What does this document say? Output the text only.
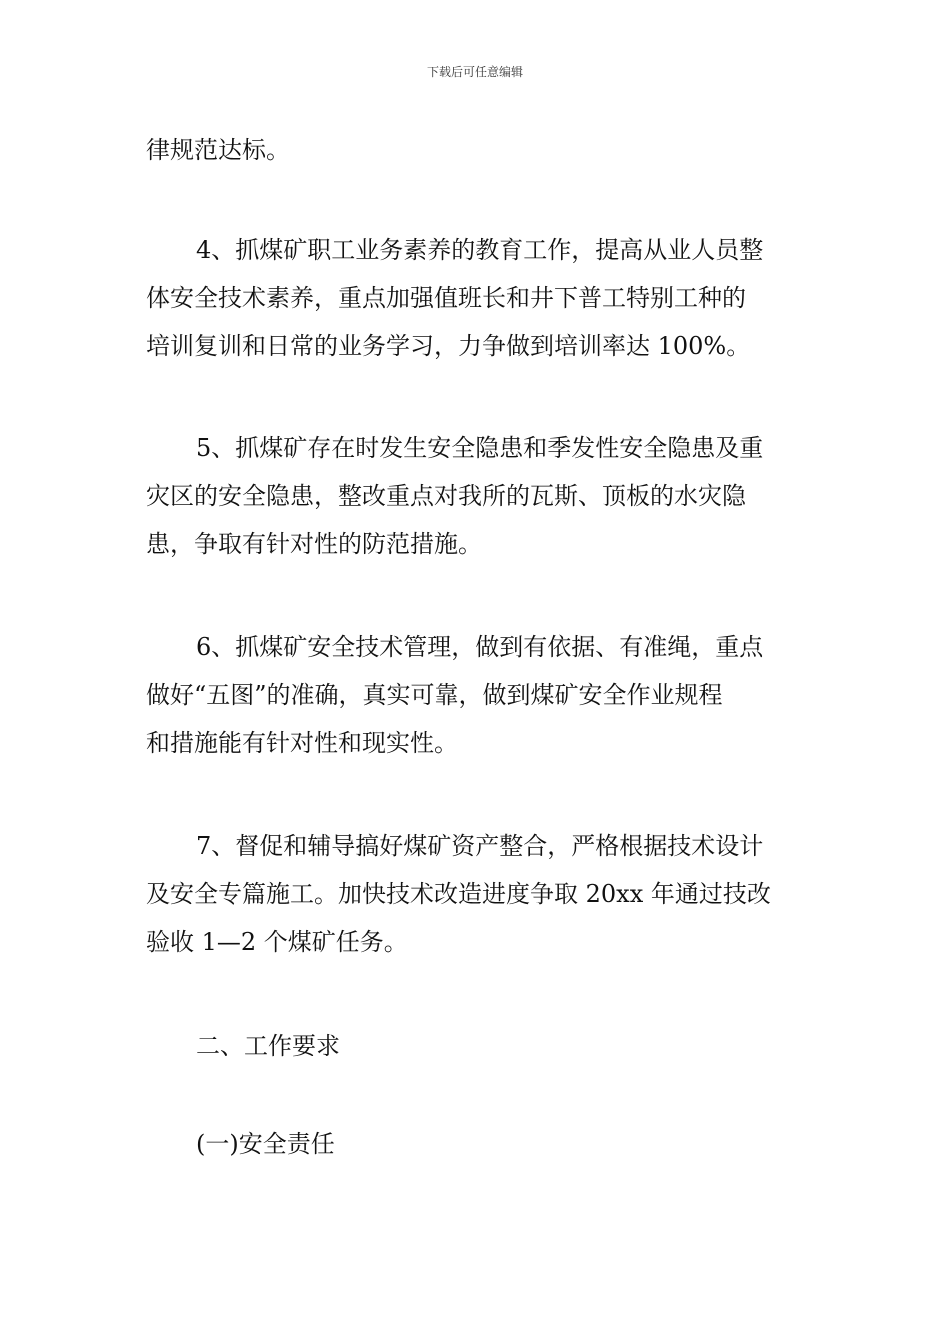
下载后可任意编辑
律规范达标。
4、抓煤矿职工业务素养的教育工作，提高从业人员整
体安全技术素养，重点加强值班长和井下普工特别工种的
培训复训和日常的业务学习，力争做到培训率达 100%。
5、抓煤矿存在时发生安全隐患和季发性安全隐患及重
灾区的安全隐患，整改重点对我所的瓦斯、顶板的水灾隐
患，争取有针对性的防范措施。
6、抓煤矿安全技术管理，做到有依据、有准绳，重点
做好“五图”的准确，真实可靠，做到煤矿安全作业规程
和措施能有针对性和现实性。
7、督促和辅导搞好煤矿资产整合，严格根据技术设计
及安全专篇施工。加快技术改造进度争取 20xx 年通过技改
验收 1—2 个煤矿任务。
二、工作要求
(一)安全责任
